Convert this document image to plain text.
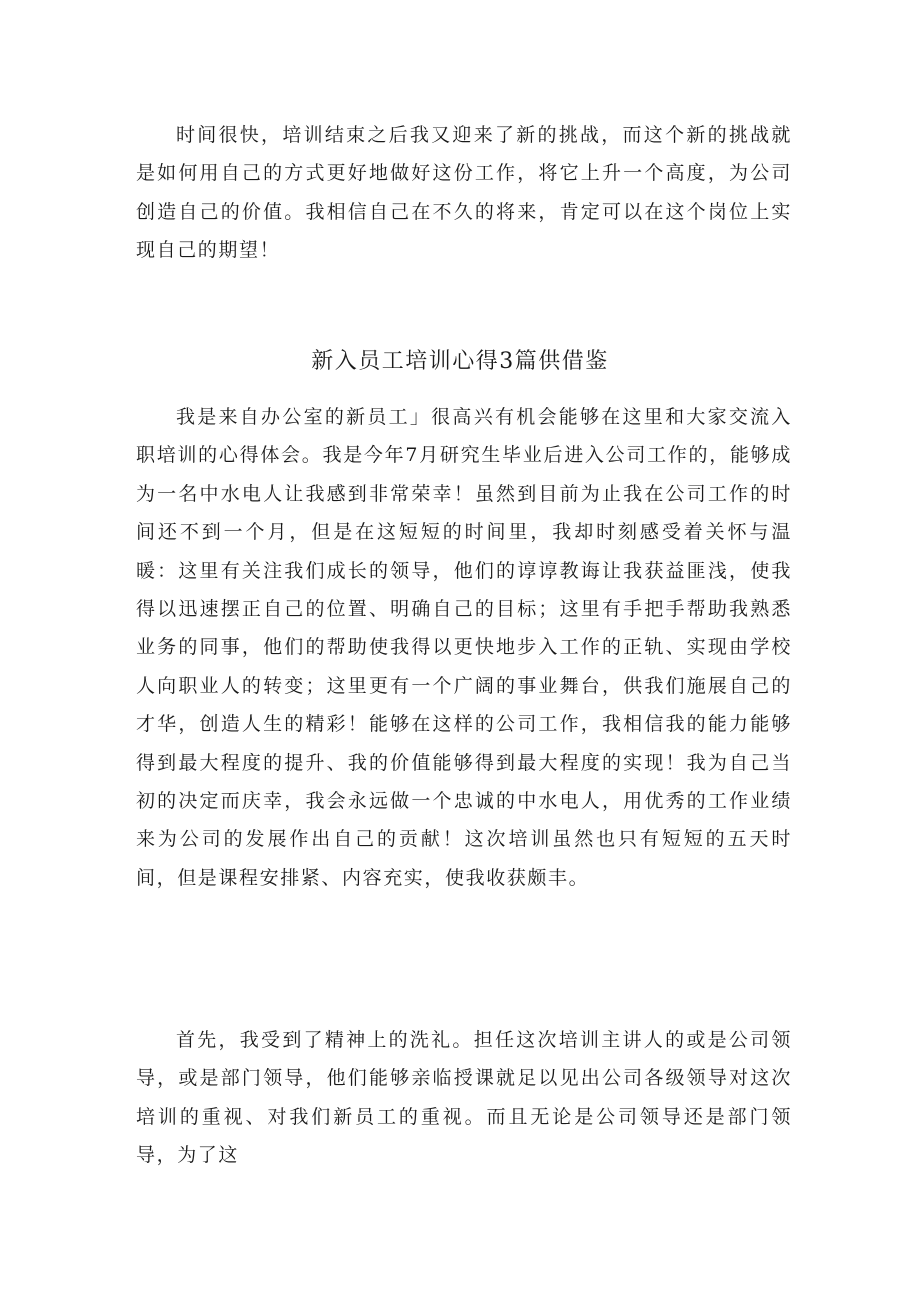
时间很快，培训结束之后我又迎来了新的挑战，而这个新的挑战就是如何用自己的方式更好地做好这份工作，将它上升一个高度，为公司创造自己的价值。我相信自己在不久的将来，肯定可以在这个岗位上实现自己的期望！

新入员工培训心得3篇供借鉴

我是来自办公室的新员工」很高兴有机会能够在这里和大家交流入职培训的心得体会。我是今年7月研究生毕业后进入公司工作的，能够成为一名中水电人让我感到非常荣幸！虽然到目前为止我在公司工作的时间还不到一个月，但是在这短短的时间里，我却时刻感受着关怀与温暖：这里有关注我们成长的领导，他们的谆谆教诲让我获益匪浅，使我得以迅速摆正自己的位置、明确自己的目标；这里有手把手帮助我熟悉业务的同事，他们的帮助使我得以更快地步入工作的正轨、实现由学校人向职业人的转变；这里更有一个广阔的事业舞台，供我们施展自己的才华，创造人生的精彩！能够在这样的公司工作，我相信我的能力能够得到最大程度的提升、我的价值能够得到最大程度的实现！我为自己当初的决定而庆幸，我会永远做一个忠诚的中水电人，用优秀的工作业绩来为公司的发展作出自己的贡献！这次培训虽然也只有短短的五天时间，但是课程安排紧、内容充实，使我收获颇丰。

首先，我受到了精神上的洗礼。担任这次培训主讲人的或是公司领导，或是部门领导，他们能够亲临授课就足以见出公司各级领导对这次培训的重视、对我们新员工的重视。而且无论是公司领导还是部门领导，为了这
